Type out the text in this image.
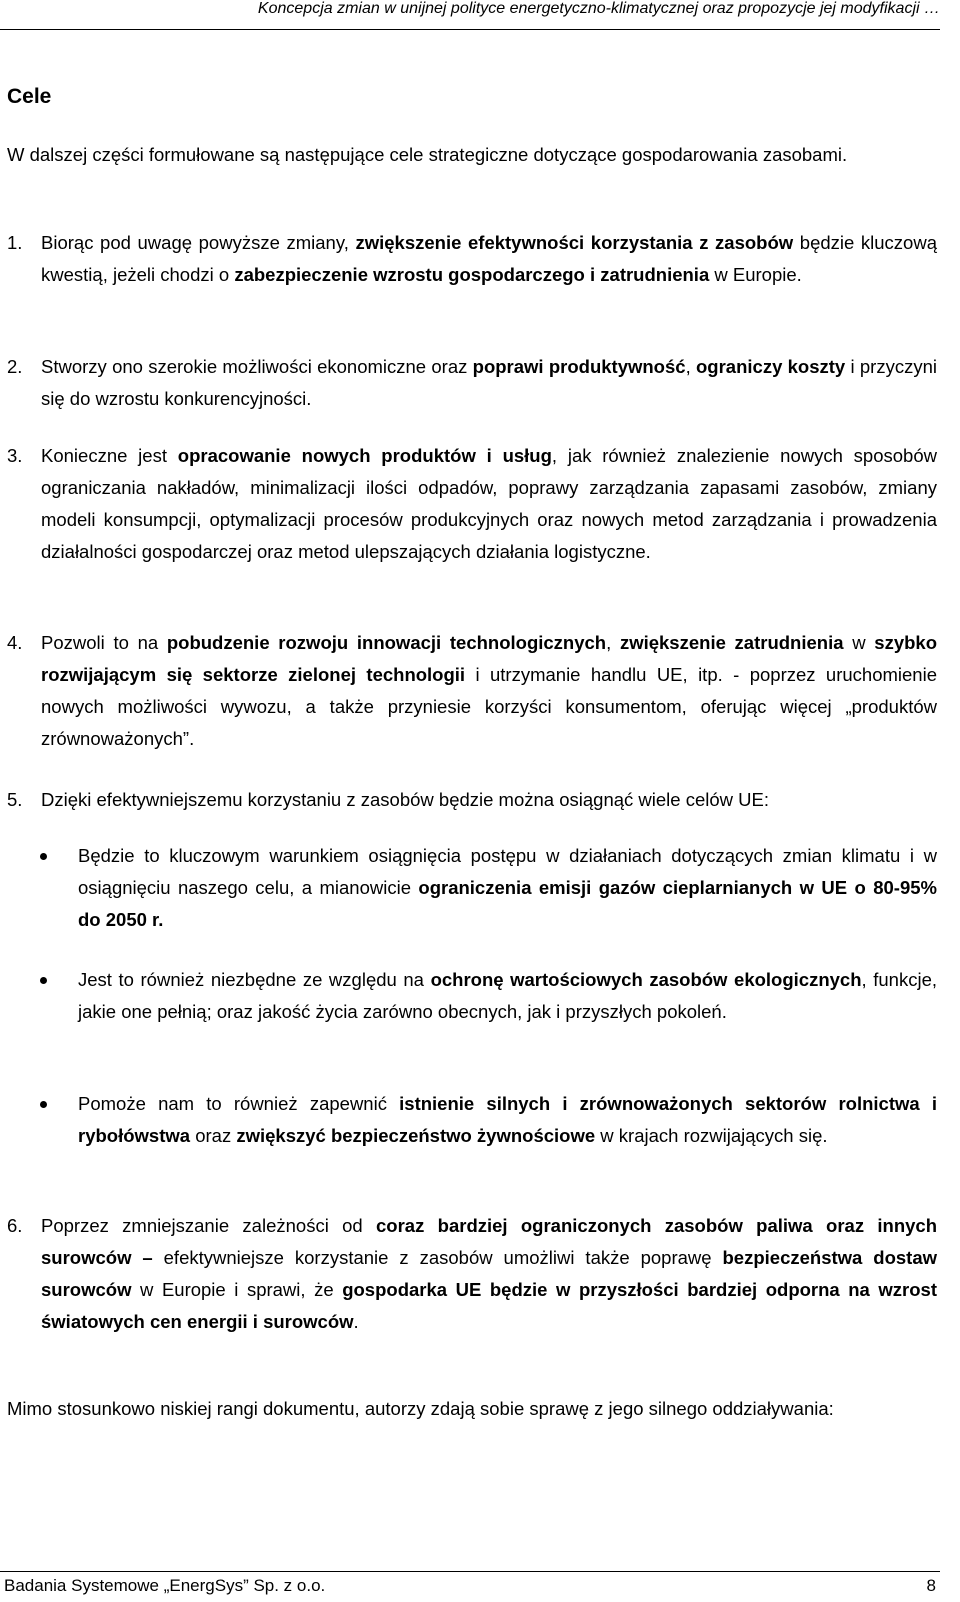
Koncepcja zmian w unijnej polityce energetyczno-klimatycznej oraz propozycje jej modyfikacji …
Cele
W dalszej części formułowane są następujące cele strategiczne dotyczące gospodarowania zasobami.
1. Biorąc pod uwagę powyższe zmiany, zwiększenie efektywności korzystania z zasobów będzie kluczową kwestią, jeżeli chodzi o zabezpieczenie wzrostu gospodarczego i zatrudnienia w Europie.
2. Stworzy ono szerokie możliwości ekonomiczne oraz poprawi produktywność, ograniczy koszty i przyczyni się do wzrostu konkurencyjności.
3. Konieczne jest opracowanie nowych produktów i usług, jak również znalezienie nowych sposobów ograniczania nakładów, minimalizacji ilości odpadów, poprawy zarządzania zapasami zasobów, zmiany modeli konsumpcji, optymalizacji procesów produkcyjnych oraz nowych metod zarządzania i prowadzenia działalności gospodarczej oraz metod ulepszających działania logistyczne.
4. Pozwoli to na pobudzenie rozwoju innowacji technologicznych, zwiększenie zatrudnienia w szybko rozwijającym się sektorze zielonej technologii i utrzymanie handlu UE, itp. - poprzez uruchomienie nowych możliwości wywozu, a także przyniesie korzyści konsumentom, oferując więcej „produktów zrównoważonych”.
5. Dzięki efektywniejszemu korzystaniu z zasobów będzie można osiągnąć wiele celów UE:
Będzie to kluczowym warunkiem osiągnięcia postępu w działaniach dotyczących zmian klimatu i w osiągnięciu naszego celu, a mianowicie ograniczenia emisji gazów cieplarnianych w UE o 80-95% do 2050 r.
Jest to również niezbędne ze względu na ochronę wartościowych zasobów ekologicznych, funkcje, jakie one pełnią; oraz jakość życia zarówno obecnych, jak i przyszłych pokoleń.
Pomoże nam to również zapewnić istnienie silnych i zrównoważonych sektorów rolnictwa i rybołówstwa oraz zwiększyć bezpieczeństwo żywnościowe w krajach rozwijających się.
6. Poprzez zmniejszanie zależności od coraz bardziej ograniczonych zasobów paliwa oraz innych surowców – efektywniejsze korzystanie z zasobów umożliwi także poprawę bezpieczeństwa dostaw surowców w Europie i sprawi, że gospodarka UE będzie w przyszłości bardziej odporna na wzrost światowych cen energii i surowców.
Mimo stosunkowo niskiej rangi dokumentu, autorzy zdają sobie sprawę z jego silnego oddziaływania:
Badania Systemowe „EnergSys” Sp. z o.o.	8
